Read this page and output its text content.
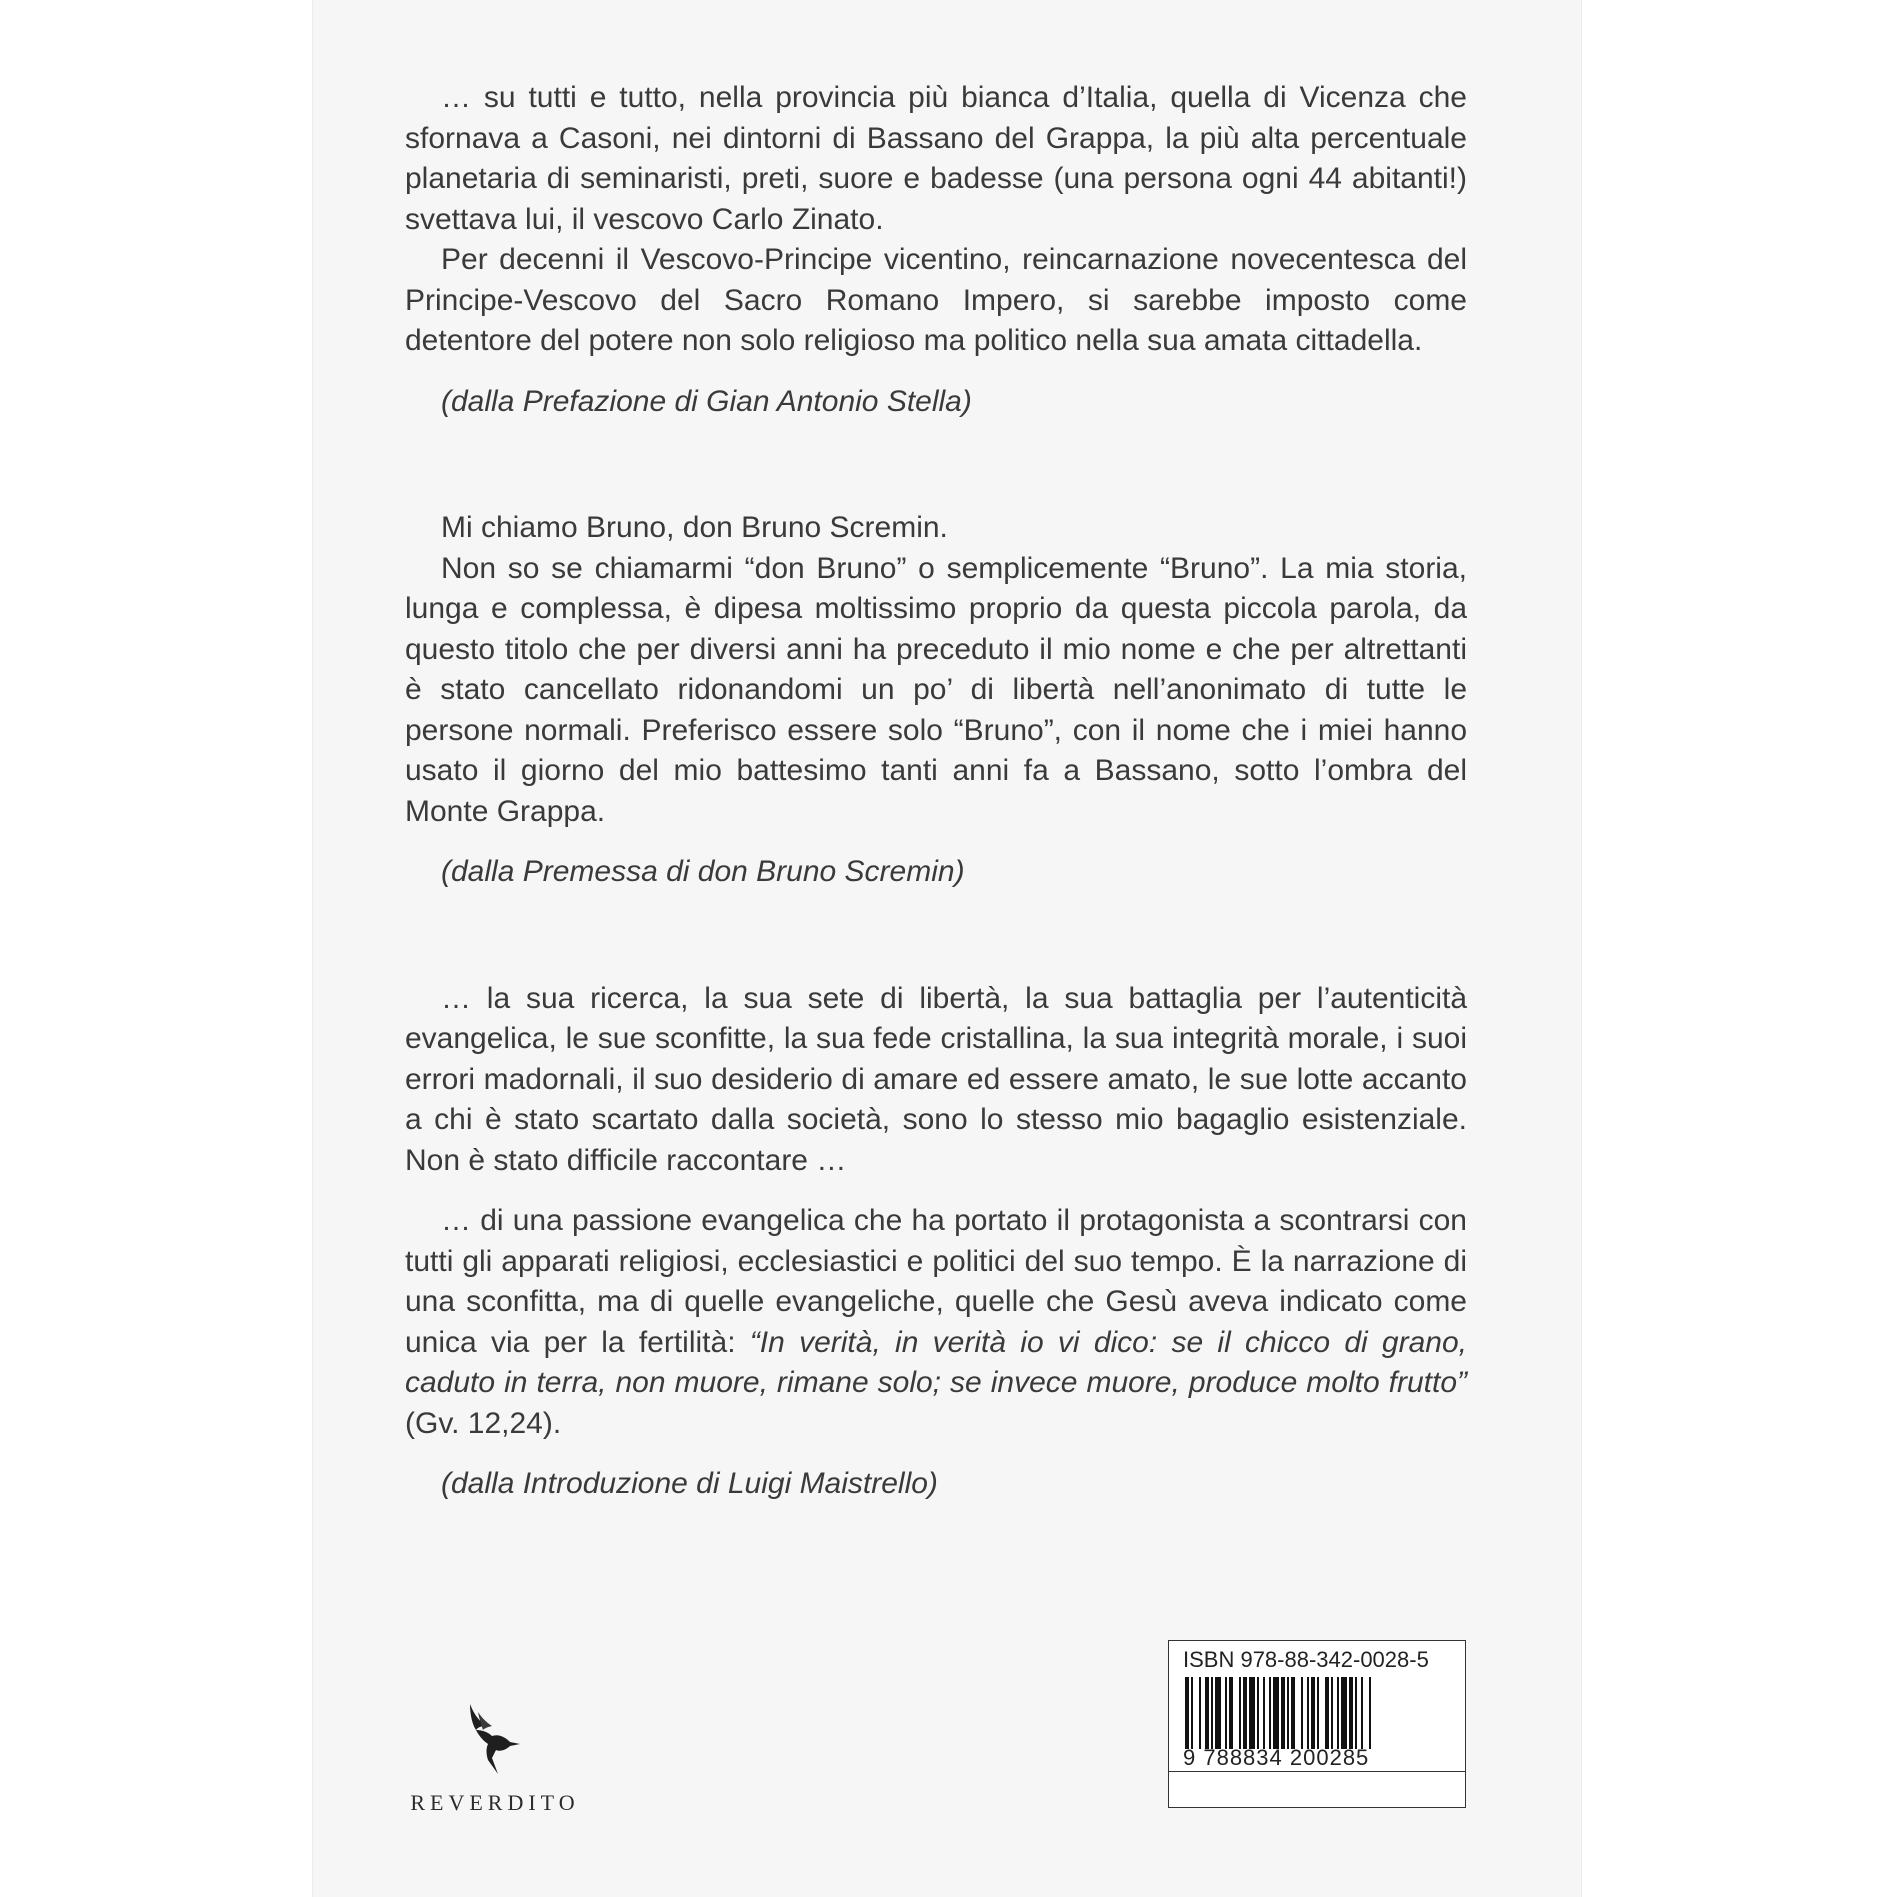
… su tutti e tutto, nella provincia più bianca d’Italia, quella di Vicenza che sfornava a Casoni, nei dintorni di Bassano del Grappa, la più alta percentuale planetaria di seminaristi, preti, suore e badesse (una persona ogni 44 abitanti!) svettava lui, il vescovo Carlo Zinato.

Per decenni il Vescovo-Principe vicentino, reincarnazione novecentesca del Principe-Vescovo del Sacro Romano Impero, si sarebbe imposto come detentore del potere non solo religioso ma politico nella sua amata cittadella.

(dalla Prefazione di Gian Antonio Stella)

Mi chiamo Bruno, don Bruno Scremin.

Non so se chiamarmi “don Bruno” o semplicemente “Bruno”. La mia storia, lunga e complessa, è dipesa moltissimo proprio da questa piccola parola, da questo titolo che per diversi anni ha preceduto il mio nome e che per altrettanti è stato cancellato ridonandomi un po’ di libertà nell’anonimato di tutte le persone normali. Preferisco essere solo “Bruno”, con il nome che i miei hanno usato il giorno del mio battesimo tanti anni fa a Bassano, sotto l’ombra del Monte Grappa.

(dalla Premessa di don Bruno Scremin)

… la sua ricerca, la sua sete di libertà, la sua battaglia per l’autenticità evangelica, le sue sconfitte, la sua fede cristallina, la sua integrità morale, i suoi errori madornali, il suo desiderio di amare ed essere amato, le sue lotte accanto a chi è stato scartato dalla società, sono lo stesso mio bagaglio esistenziale. Non è stato difficile raccontare …

… di una passione evangelica che ha portato il protagonista a scontrarsi con tutti gli apparati religiosi, ecclesiastici e politici del suo tempo. È la narrazione di una sconfitta, ma di quelle evangeliche, quelle che Gesù aveva indicato come unica via per la fertilità: “In verità, in verità io vi dico: se il chicco di grano, caduto in terra, non muore, rimane solo; se invece muore, produce molto frutto” (Gv. 12,24).

(dalla Introduzione di Luigi Maistrello)

REVERDITO
ISBN 978-88-342-0028-5
9 788834 200285
